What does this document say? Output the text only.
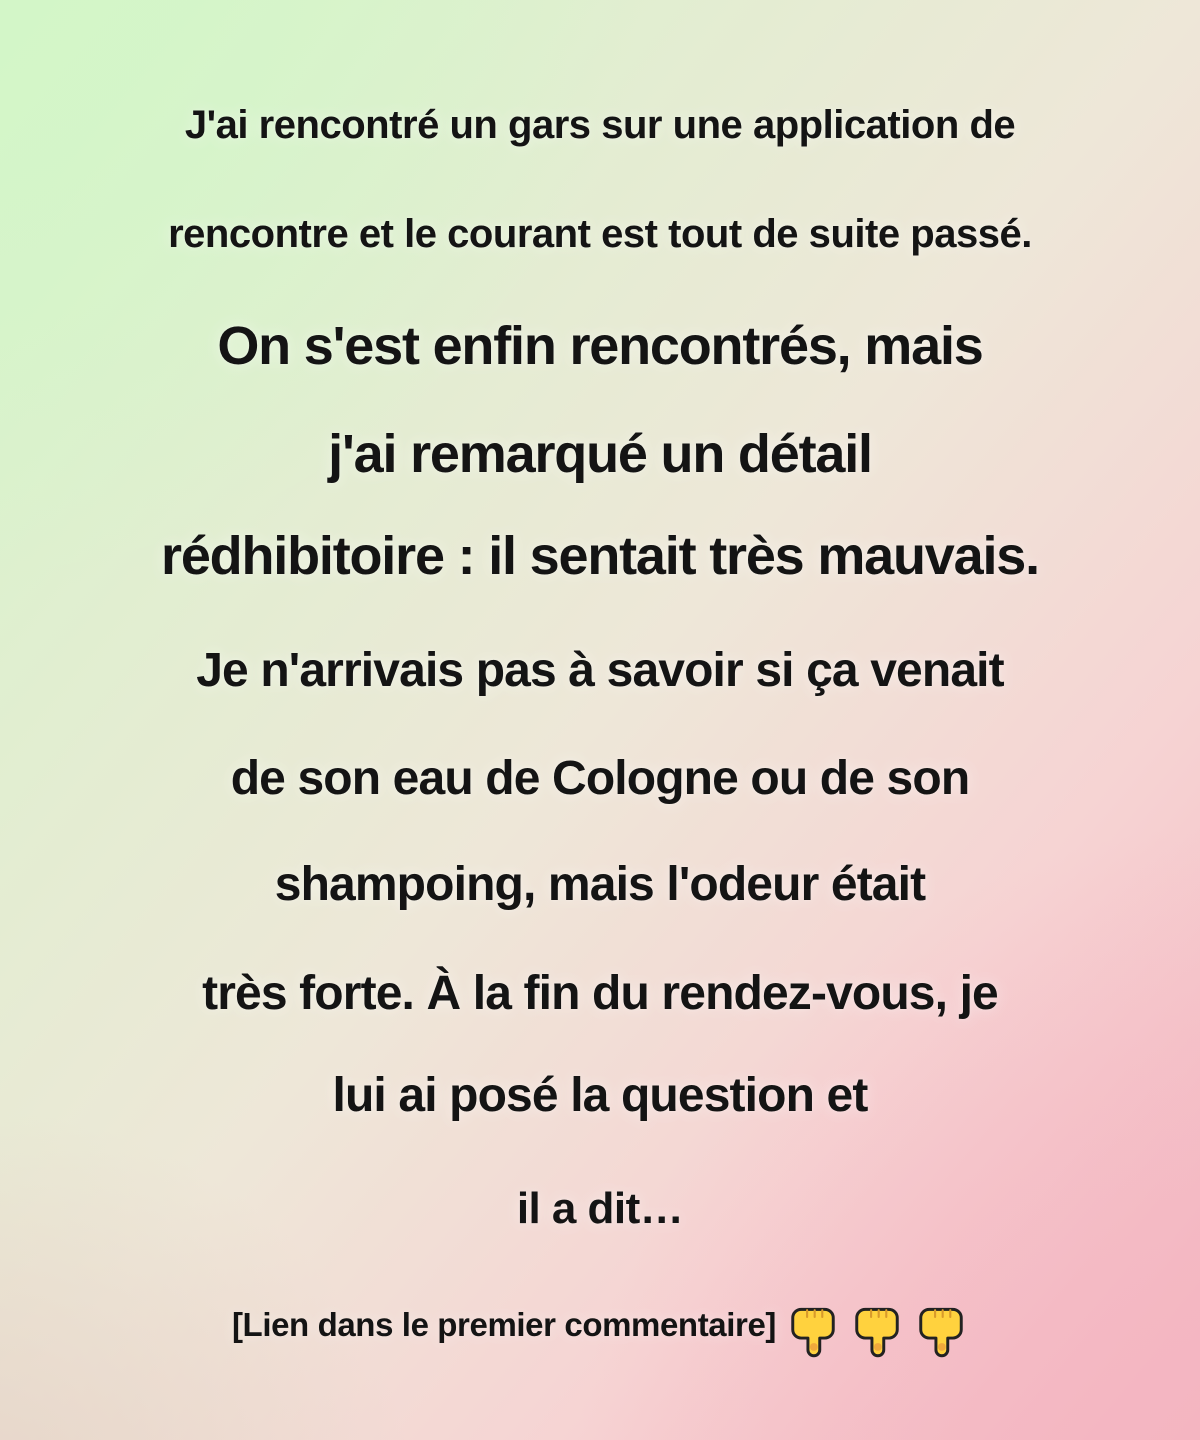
J'ai rencontré un gars sur une application de
rencontre et le courant est tout de suite passé.
On s'est enfin rencontrés, mais
j'ai remarqué un détail
rédhibitoire : il sentait très mauvais.
Je n'arrivais pas à savoir si ça venait
de son eau de Cologne ou de son
shampoing, mais l'odeur était
très forte. À la fin du rendez-vous, je
lui ai posé la question et
il a dit…
[Lien dans le premier commentaire]
